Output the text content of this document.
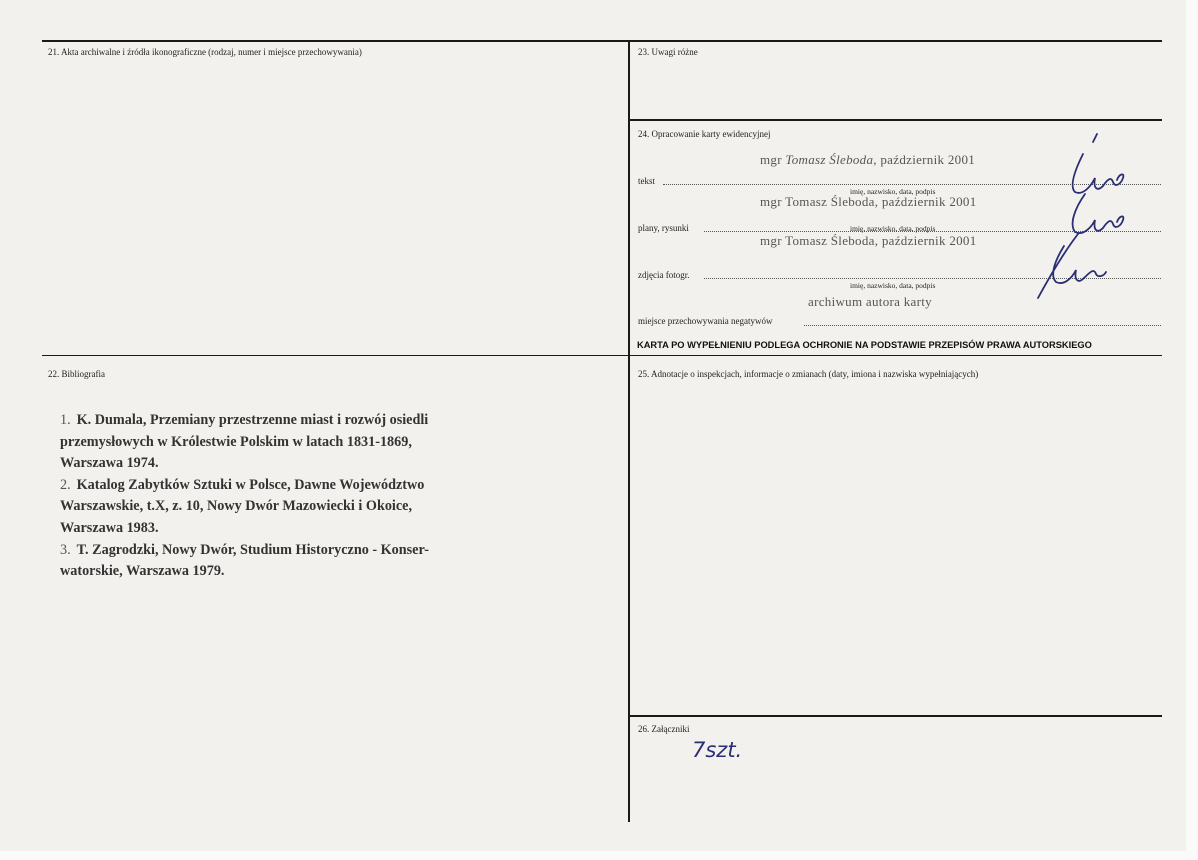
21. Akta archiwalne i źródła ikonograficzne (rodzaj, numer i miejsce przechowywania)
22. Bibliografia
23. Uwagi różne
24. Opracowanie karty ewidencyjnej
25. Adnotacje o inspekcjach, informacje o zmianach (daty, imiona i nazwiska wypełniających)
26. Załączniki
mgr Tomasz Śleboda, październik 2001
tekst
imię, nazwisko, data, podpis
mgr Tomasz Śleboda, październik 2001
plany, rysunki	imię, nazwisko, data, podpis
mgr Tomasz Śleboda, październik 2001
zdjęcia fotogr.
imię, nazwisko, data, podpis
archiwum autora karty
miejsce przechowywania negatywów
KARTA PO WYPEŁNIENIU PODLEGA OCHRONIE NA PODSTAWIE PRZEPISÓW PRAWA AUTORSKIEGO
1. K. Dumala, Przemiany przestrzenne miast i rozwój osiedli
przemysłowych w Królestwie Polskim w latach 1831-1869,
Warszawa 1974.
2. Katalog Zabytków Sztuki w Polsce, Dawne Województwo
Warszawskie, t.X, z. 10, Nowy Dwór Mazowiecki i Okoice,
Warszawa 1983.
3. T. Zagrodzki, Nowy Dwór, Studium Historyczno - Konser-
watorskie, Warszawa 1979.
7szt.
